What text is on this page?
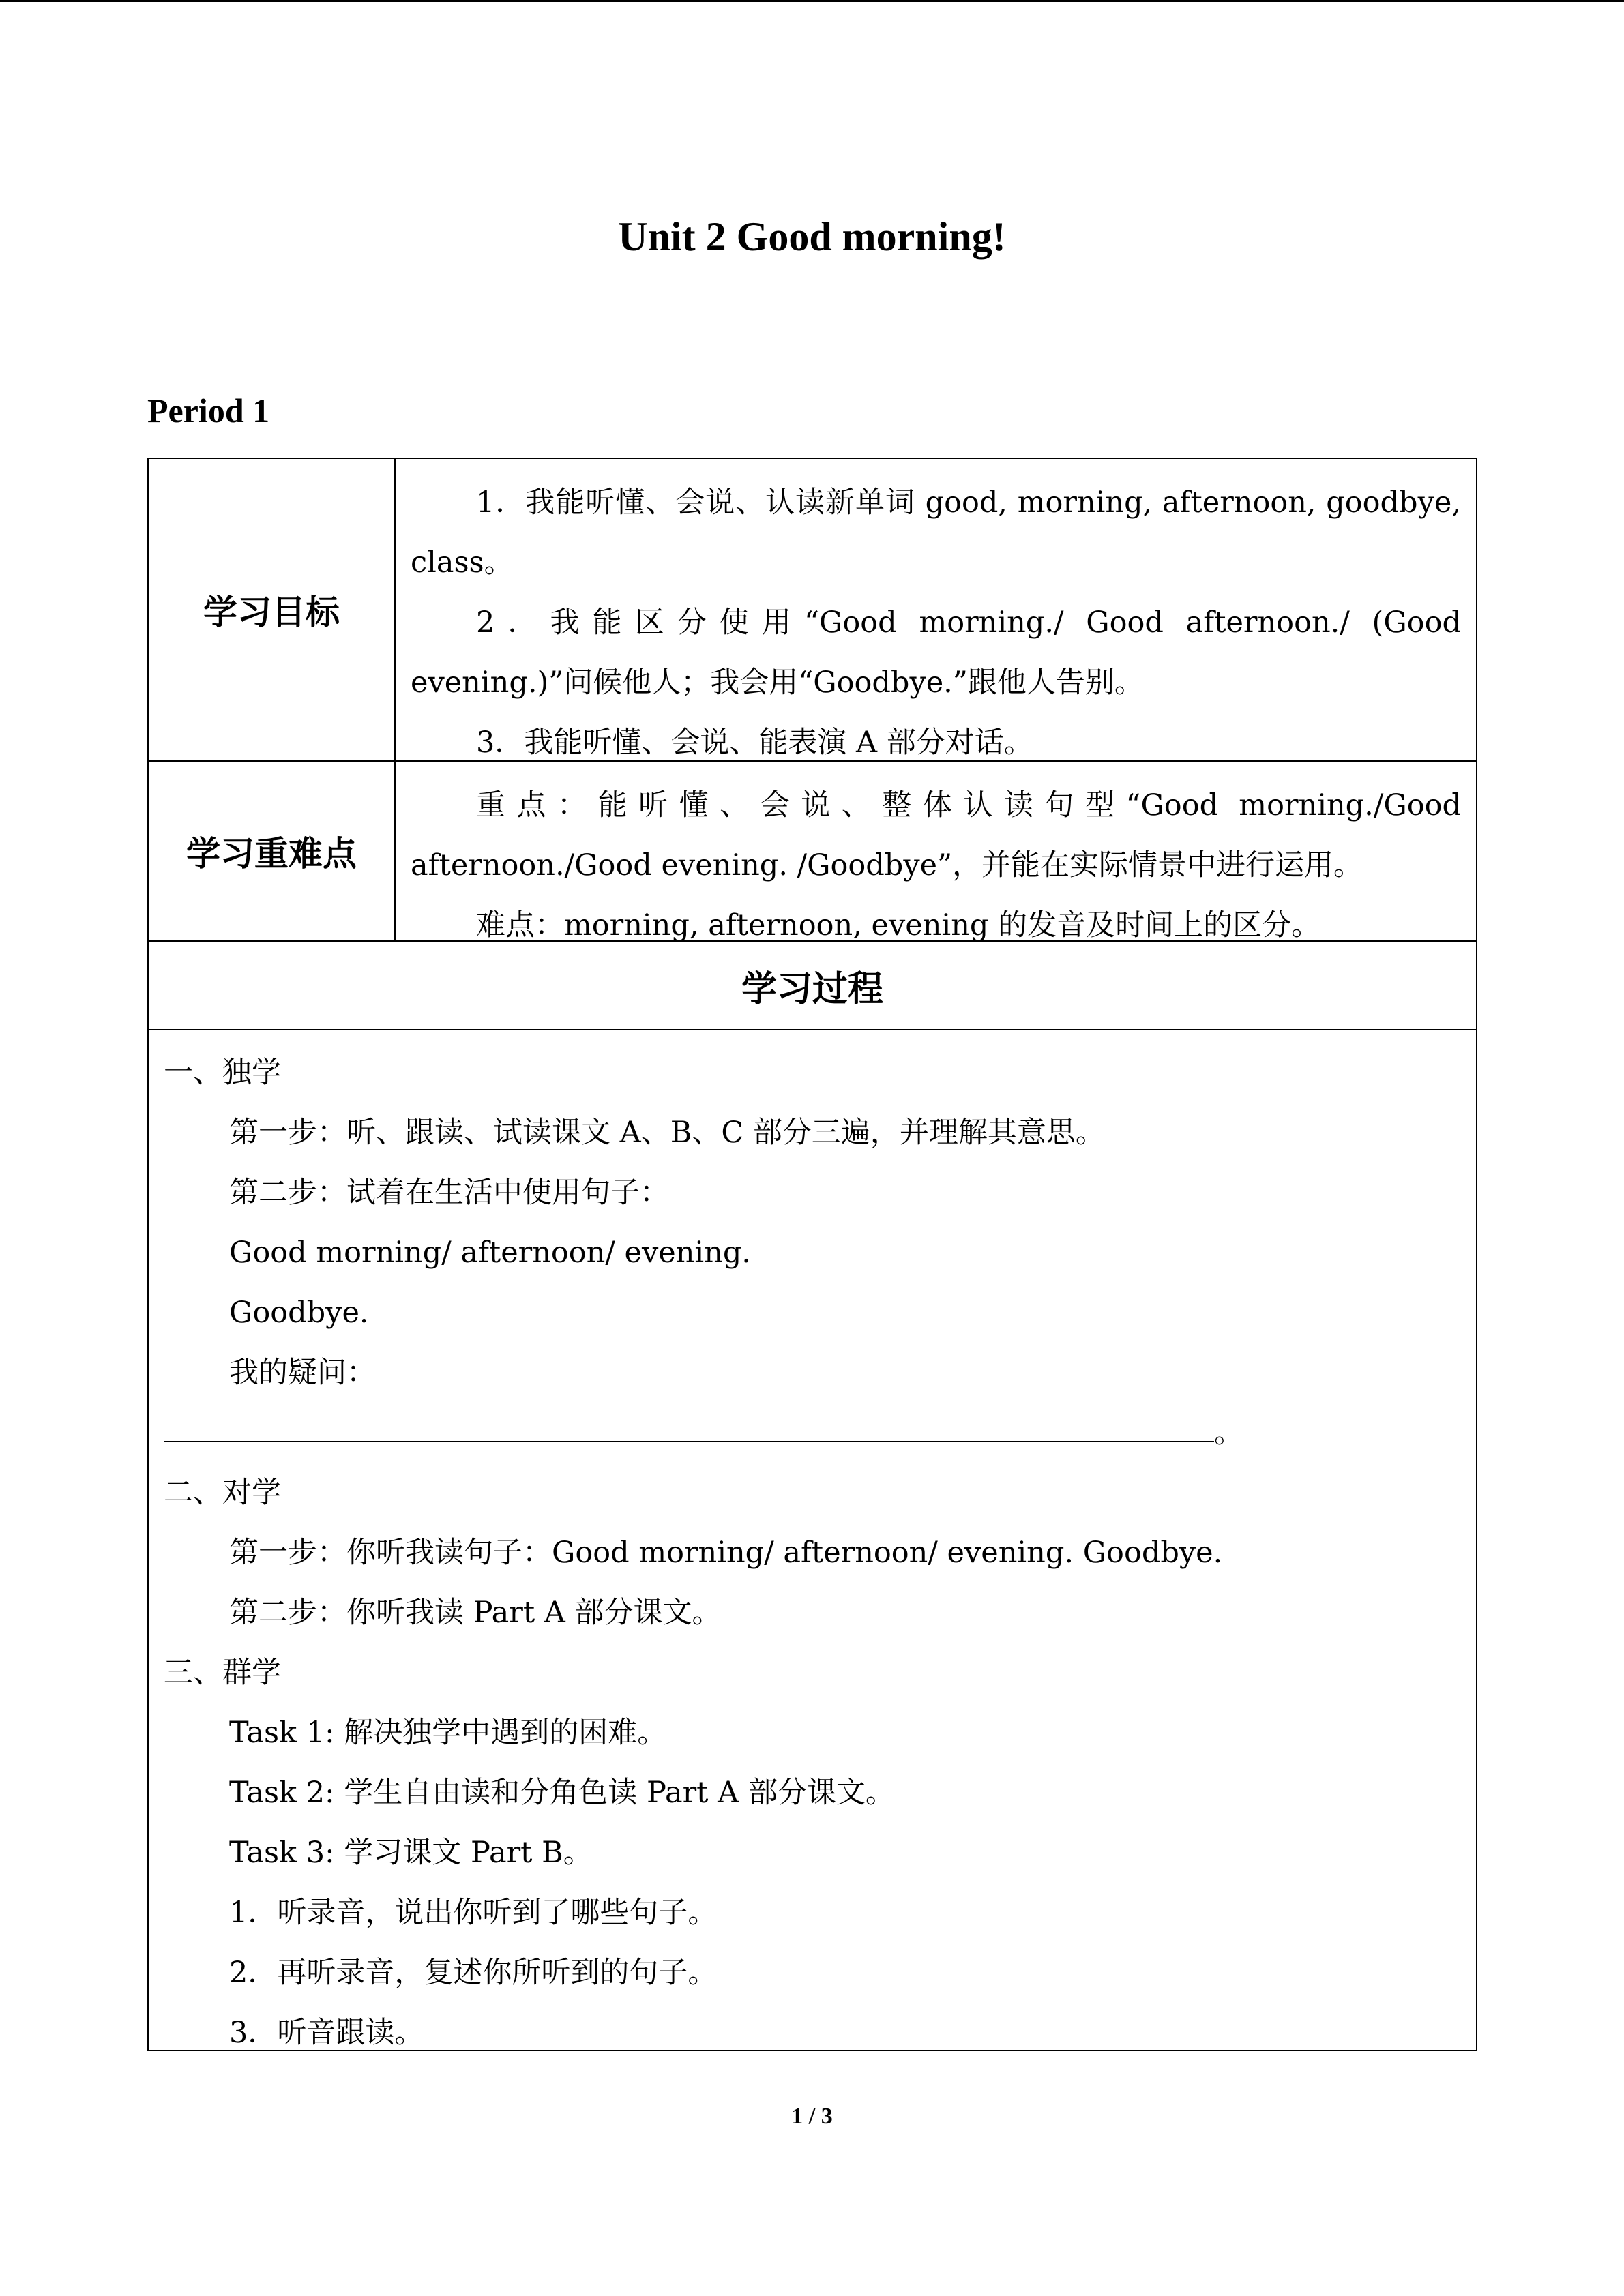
Unit 2 Good morning!
Period 1
学习目标

1．我能听懂、会说、认读新单词 good, morning, afternoon, goodbye, class。

2．我能区分使用“Good morning./ Good afternoon./ (Good evening.)”问候他人；我会用“Goodbye.”跟他人告别。

3．我能听懂、会说、能表演 A 部分对话。

学习重难点

重点：能听懂、会说、整体认读句型“Good morning./Good afternoon./Good evening. /Goodbye”，并能在实际情景中进行运用。

难点：morning, afternoon, evening 的发音及时间上的区分。

学习过程

一、独学

第一步：听、跟读、试读课文 A、B、C 部分三遍，并理解其意思。

第二步：试着在生活中使用句子：

Good morning/ afternoon/ evening.

Goodbye.

我的疑问：

。

二、对学

第一步：你听我读句子：Good morning/ afternoon/ evening. Goodbye.

第二步：你听我读 Part A 部分课文。

三、群学

Task 1: 解决独学中遇到的困难。

Task 2: 学生自由读和分角色读 Part A 部分课文。

Task 3: 学习课文 Part B。

1．听录音，说出你听到了哪些句子。

2．再听录音，复述你所听到的句子。

3．听音跟读。

1 / 3
